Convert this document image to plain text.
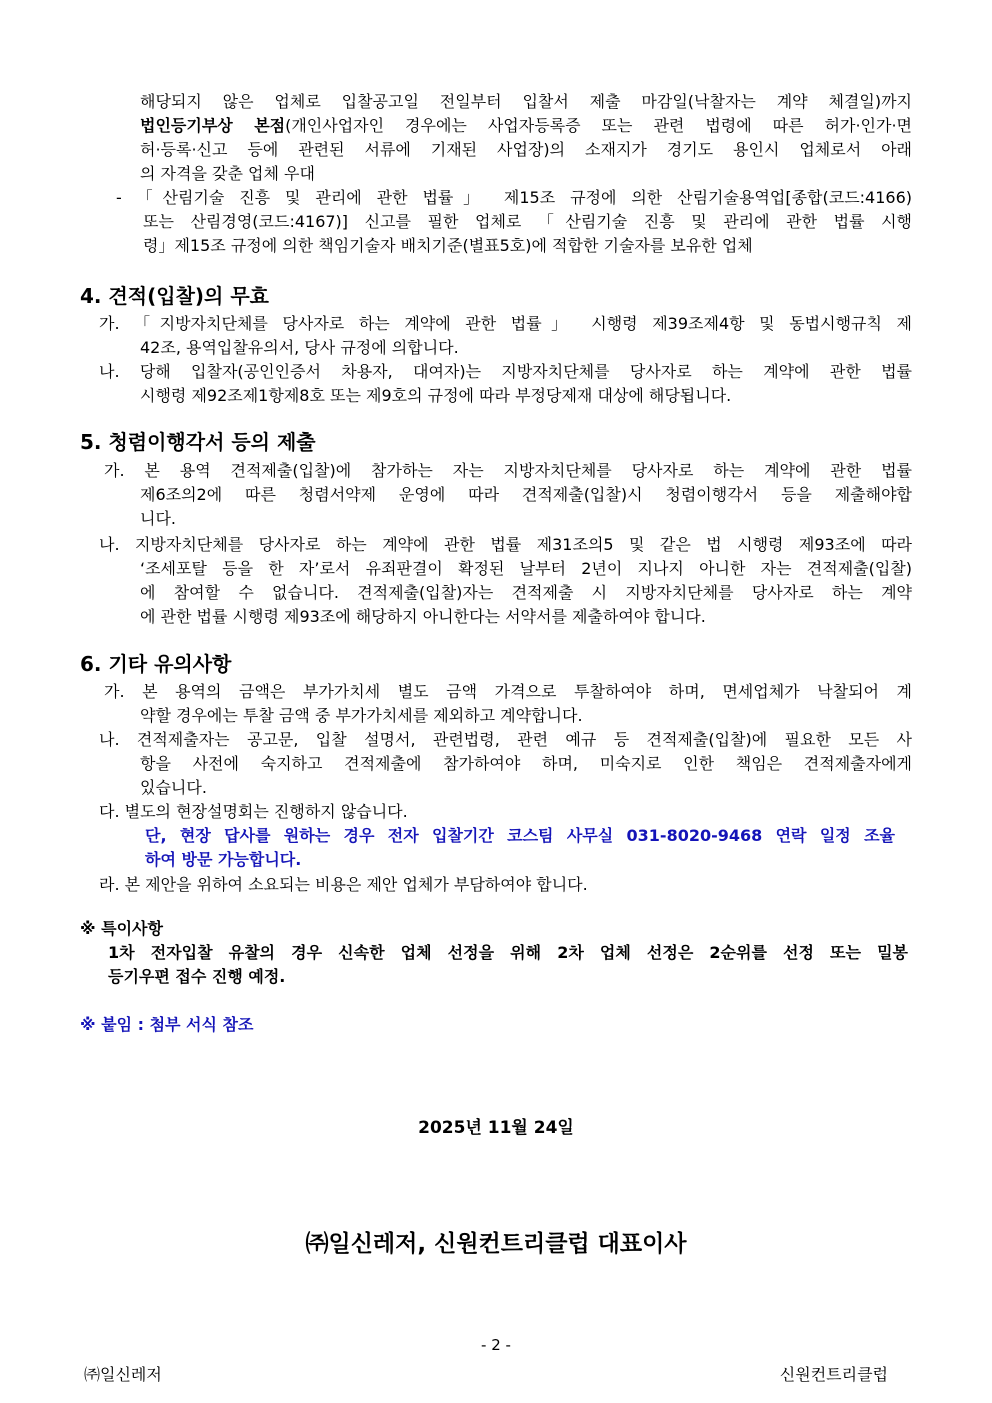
해당되지 않은 업체로 입찰공고일 전일부터 입찰서 제출 마감일(낙찰자는 계약 체결일)까지
법인등기부상 본점(개인사업자인 경우에는 사업자등록증 또는 관련 법령에 따른 허가·인가·면
허·등록·신고 등에 관련된 서류에 기재된 사업장)의 소재지가 경기도 용인시 업체로서 아래
의 자격을 갖춘 업체 우대
- 「산림기술 진흥 및 관리에 관한 법률」 제15조 규정에 의한 산림기술용역업[종합(코드:4166)
또는 산림경영(코드:4167)] 신고를 필한 업체로 「산림기술 진흥 및 관리에 관한 법률 시행
령」제15조 규정에 의한 책임기술자 배치기준(별표5호)에 적합한 기술자를 보유한 업체
4. 견적(입찰)의 무효
가. 「지방자치단체를 당사자로 하는 계약에 관한 법률」 시행령 제39조제4항 및 동법시행규칙 제
42조, 용역입찰유의서, 당사 규정에 의합니다.
나. 당해 입찰자(공인인증서 차용자, 대여자)는 지방자치단체를 당사자로 하는 계약에 관한 법률
시행령 제92조제1항제8호 또는 제9호의 규정에 따라 부정당제재 대상에 해당됩니다.
5. 청렴이행각서 등의 제출
가. 본 용역 견적제출(입찰)에 참가하는 자는 지방자치단체를 당사자로 하는 계약에 관한 법률
제6조의2에 따른 청렴서약제 운영에 따라 견적제출(입찰)시 청렴이행각서 등을 제출해야합
니다.
나. 지방자치단체를 당사자로 하는 계약에 관한 법률 제31조의5 및 같은 법 시행령 제93조에 따라
‘조세포탈 등을 한 자’로서 유죄판결이 확정된 날부터 2년이 지나지 아니한 자는 견적제출(입찰)
에 참여할 수 없습니다. 견적제출(입찰)자는 견적제출 시 지방자치단체를 당사자로 하는 계약
에 관한 법률 시행령 제93조에 해당하지 아니한다는 서약서를 제출하여야 합니다.
6. 기타 유의사항
가. 본 용역의 금액은 부가가치세 별도 금액 가격으로 투찰하여야 하며, 면세업체가 낙찰되어 계
약할 경우에는 투찰 금액 중 부가가치세를 제외하고 계약합니다.
나. 견적제출자는 공고문, 입찰 설명서, 관련법령, 관련 예규 등 견적제출(입찰)에 필요한 모든 사
항을 사전에 숙지하고 견적제출에 참가하여야 하며, 미숙지로 인한 책임은 견적제출자에게
있습니다.
다. 별도의 현장설명회는 진행하지 않습니다.
단, 현장 답사를 원하는 경우 전자 입찰기간 코스팀 사무실 031-8020-9468 연락 일정 조율
하여 방문 가능합니다.
라. 본 제안을 위하여 소요되는 비용은 제안 업체가 부담하여야 합니다.
※ 특이사항
1차 전자입찰 유찰의 경우 신속한 업체 선정을 위해 2차 업체 선정은 2순위를 선정 또는 밀봉
등기우편 접수 진행 예정.
※ 붙임 : 첨부 서식 참조
2025년 11월 24일
㈜일신레저, 신원컨트리클럽 대표이사
- 2 -
㈜일신레저	신원컨트리클럽
